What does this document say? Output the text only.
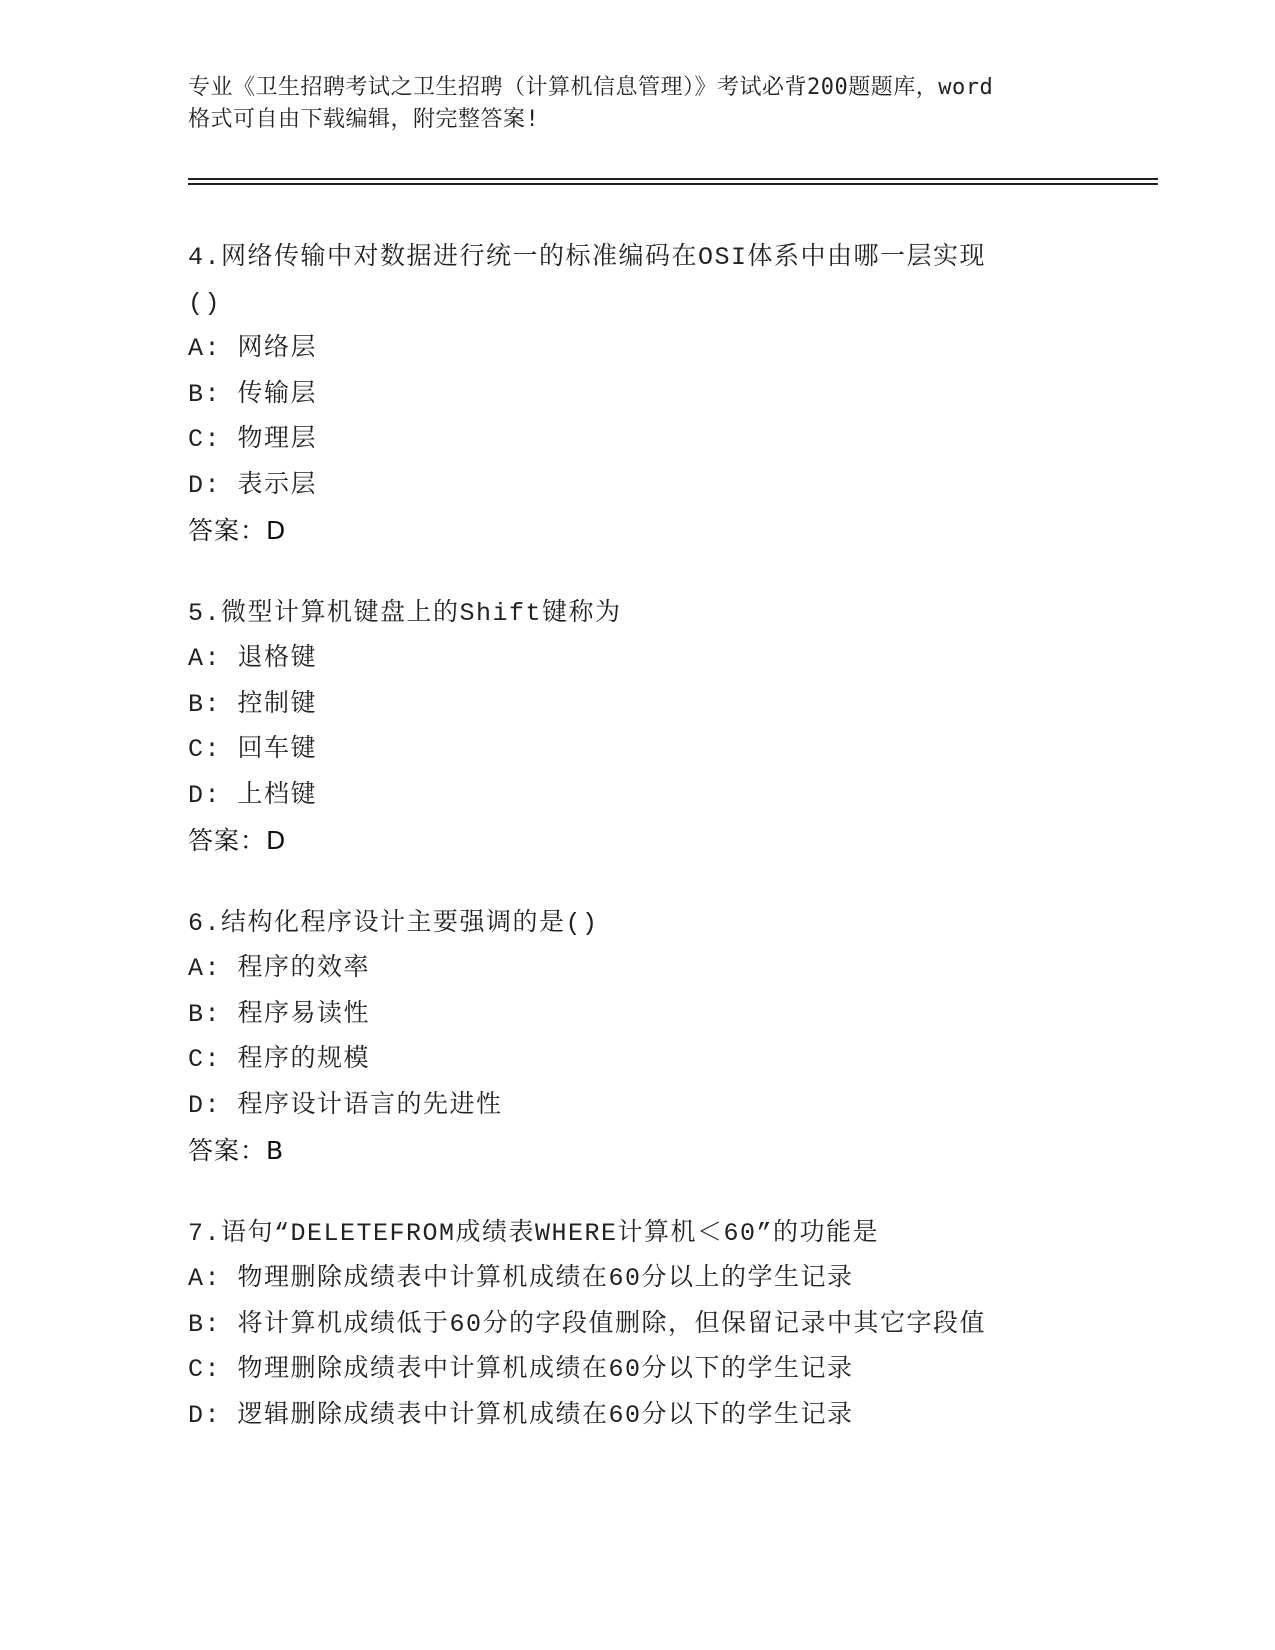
专业《卫生招聘考试之卫生招聘（计算机信息管理）》考试必背200题题库，word

格式可自由下载编辑，附完整答案!

4.网络传输中对数据进行统一的标准编码在OSI体系中由哪一层实现
()
A: 网络层
B: 传输层
C: 物理层
D: 表示层
答案：D
5.微型计算机键盘上的Shift键称为
A: 退格键
B: 控制键
C: 回车键
D: 上档键
答案：D
6.结构化程序设计主要强调的是()
A: 程序的效率
B: 程序易读性
C: 程序的规模
D: 程序设计语言的先进性
答案：B
7.语句“DELETEFROM成绩表WHERE计算机＜60”的功能是
A: 物理删除成绩表中计算机成绩在60分以上的学生记录
B: 将计算机成绩低于60分的字段值删除，但保留记录中其它字段值
C: 物理删除成绩表中计算机成绩在60分以下的学生记录
D: 逻辑删除成绩表中计算机成绩在60分以下的学生记录
